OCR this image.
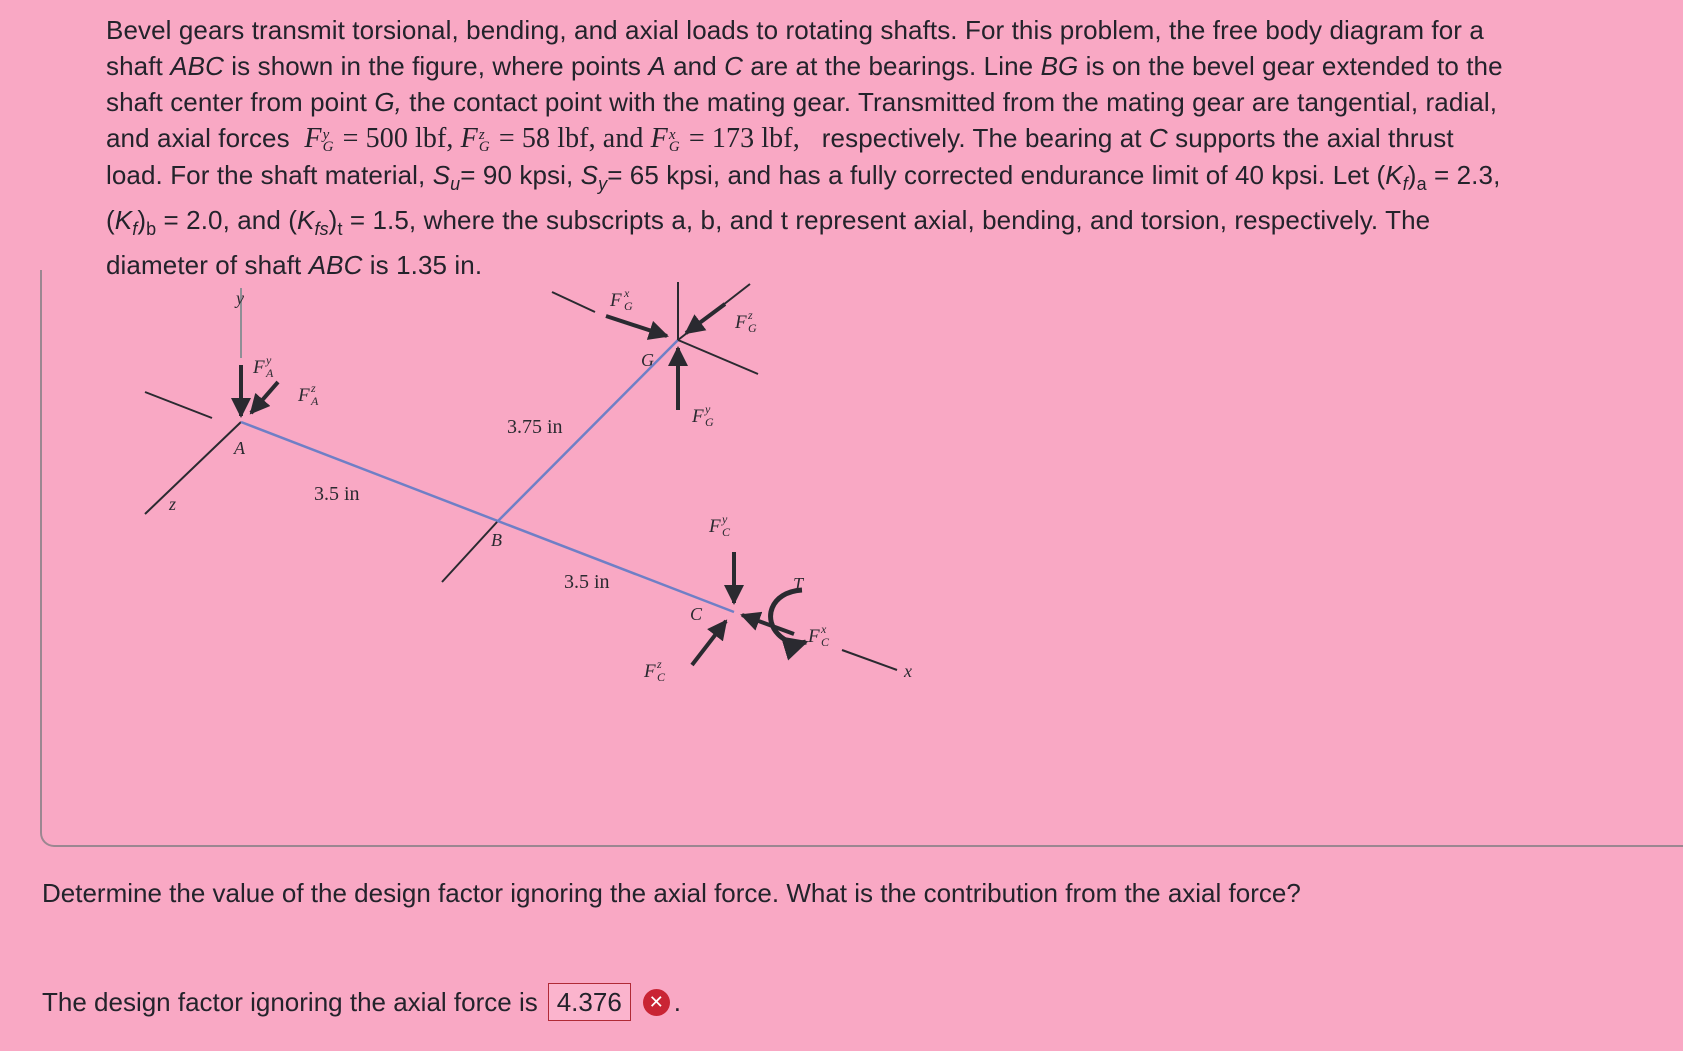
Bevel gears transmit torsional, bending, and axial loads to rotating shafts. For this problem, the free body diagram for a
shaft ABC is shown in the figure, where points A and C are at the bearings. Line BG is on the bevel gear extended to the
shaft center from point G, the contact point with the mating gear. Transmitted from the mating gear are tangential, radial,
and axial forces F y
G = 500 lbf, F z
G = 58 lbf, and F x
G = 173 lbf, respectively. The bearing at C supports the axial thrust
load. For the shaft material, $S_u= 90$ kpsi, $S_y= 65$ kpsi, and has a fully corrected endurance limit of 40 kpsi. Let $(K_f)_a = 2.3$,
$(K_f)_b = 2.0$, and $(K_{fs})_t = 1.5$, where the subscripts a, b, and t represent axial, bending, and torsion, respectively. The
diameter of shaft ABC is 1.35 in.
y
z
x
A
B
C
G
T
3.5 in
3.5 in
3.75 in
F y
A
F z
A
F x
G
F z
G
F y
G
F y
C
F z
C
F x
C
Determine the value of the design factor ignoring the axial force. What is the contribution from the axial force?
The design factor ignoring the axial force is 4.376	✕ .
